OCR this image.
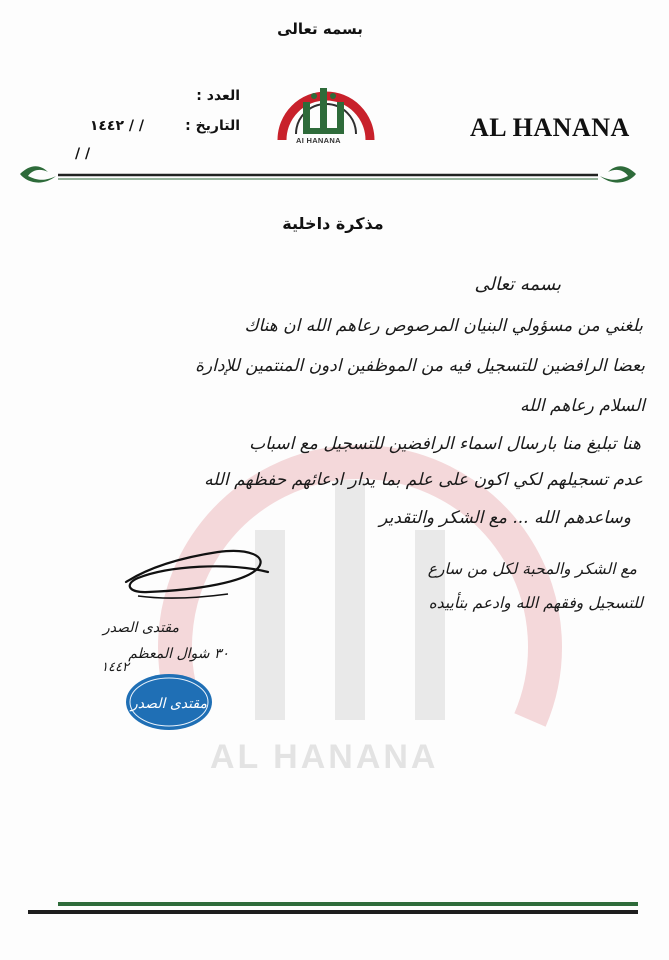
AL HANANA
بسمه تعالى
AI HANANA	AL HANANA
العدد :
التاريخ :
/ / ١٤٤٢
/ /
مذكرة داخلية
بسمه تعالى
بلغني من مسؤولي البنيان المرصوص رعاهم الله ان هناك
بعضا الرافضين للتسجيل فيه من الموظفين ادون المنتمين للإدارة
السلام رعاهم الله
هنا تبليغ منا بارسال اسماء الرافضين للتسجيل مع اسباب
عدم تسجيلهم لكي اكون على علم بما يدار ادعائهم حفظهم الله
وساعدهم الله ... مع الشكر والتقدير
مع الشكر والمحبة لكل من سارع
للتسجيل وفقهم الله وادعم بتأييده
مقتدى الصدر
٣٠ شوال المعظم
١٤٤٢
مقتدى الصدر
